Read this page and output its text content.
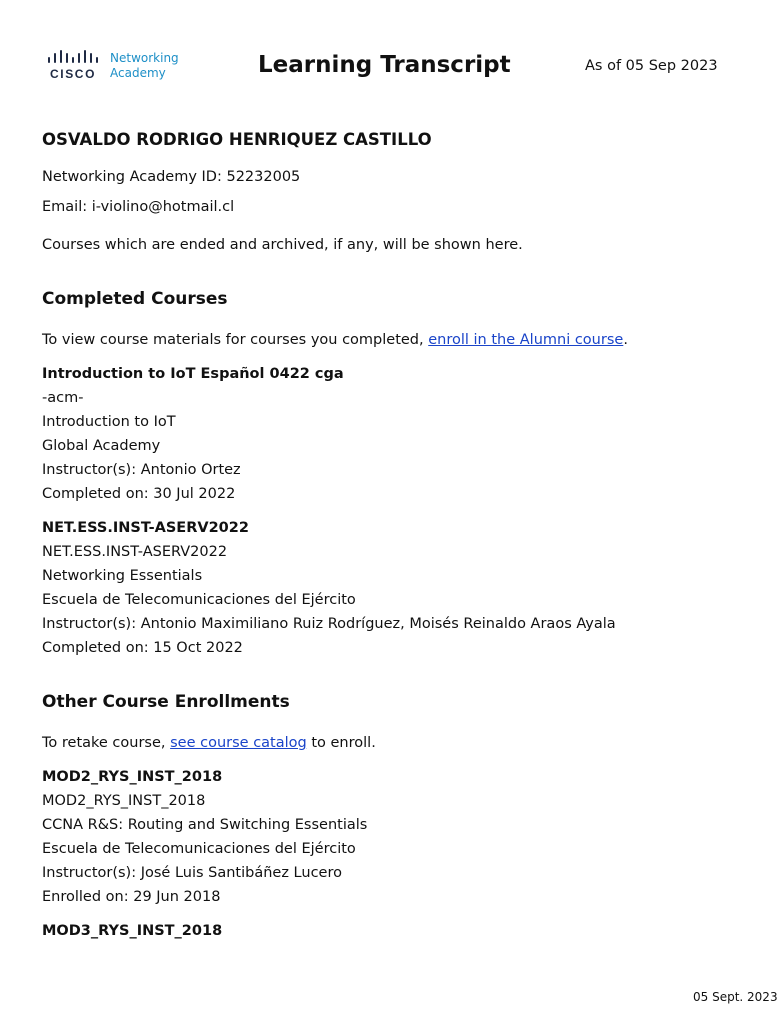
CISCO
Networking
Academy	Learning Transcript	As of 05 Sep 2023
OSVALDO RODRIGO HENRIQUEZ CASTILLO
Networking Academy ID: 52232005
Email: i-violino@hotmail.cl
Courses which are ended and archived, if any, will be shown here.
Completed Courses
To view course materials for courses you completed, enroll in the Alumni course.
Introduction to IoT Español 0422 cga
-acm-
Introduction to IoT
Global Academy
Instructor(s): Antonio Ortez
Completed on: 30 Jul 2022
NET.ESS.INST-ASERV2022
NET.ESS.INST-ASERV2022
Networking Essentials
Escuela de Telecomunicaciones del Ejército
Instructor(s): Antonio Maximiliano Ruiz Rodríguez, Moisés Reinaldo Araos Ayala
Completed on: 15 Oct 2022
Other Course Enrollments
To retake course, see course catalog to enroll.
MOD2_RYS_INST_2018
MOD2_RYS_INST_2018
CCNA R&S: Routing and Switching Essentials
Escuela de Telecomunicaciones del Ejército
Instructor(s): José Luis Santibáñez Lucero
Enrolled on: 29 Jun 2018
MOD3_RYS_INST_2018
05 Sept. 2023
